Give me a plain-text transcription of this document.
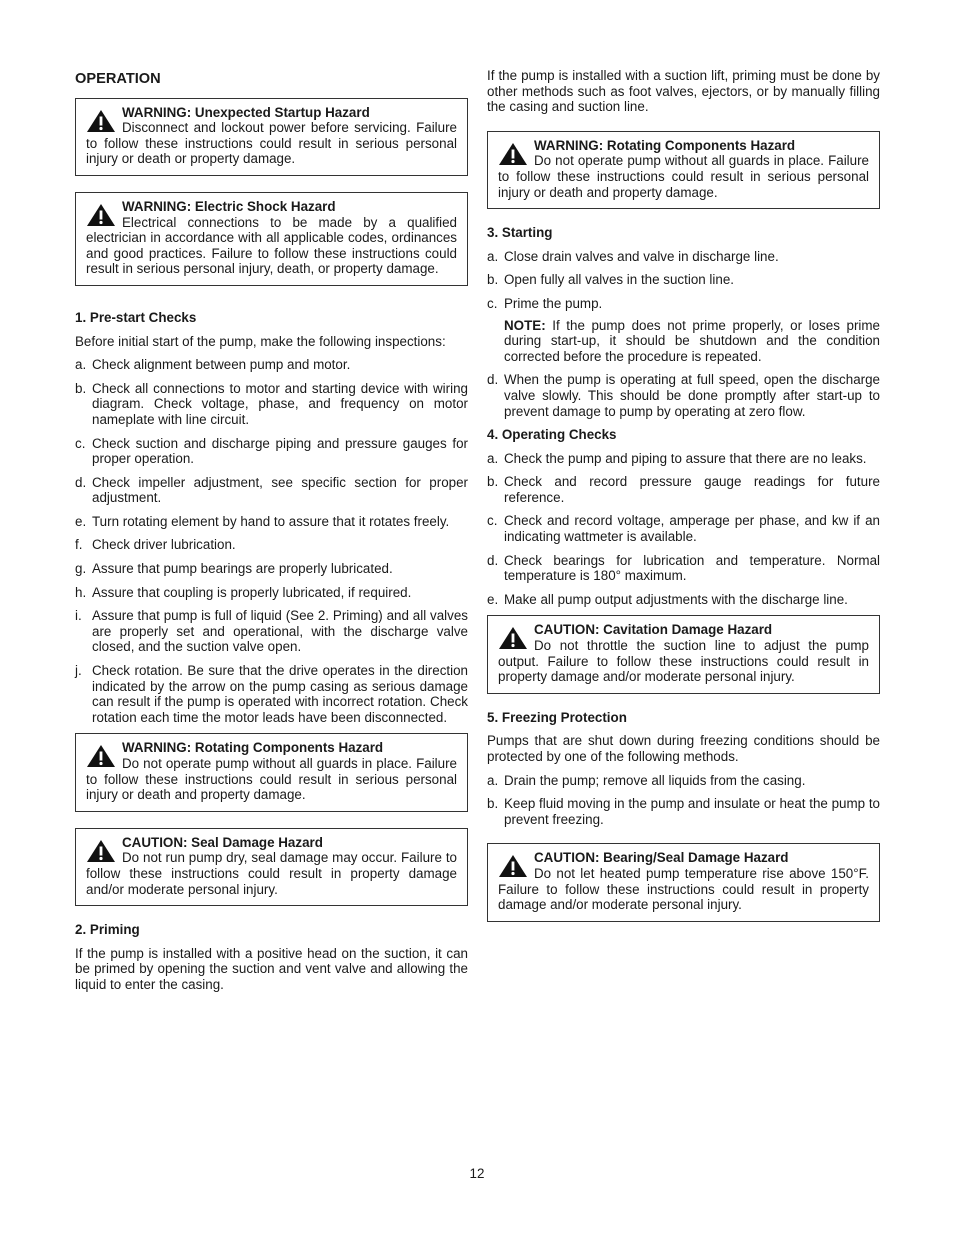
OPERATION
WARNING: Unexpected Startup Hazard
Disconnect and lockout power before servicing. Failure to follow these instructions could result in serious personal injury or death or property damage.
WARNING: Electric Shock Hazard
Electrical connections to be made by a qualified electrician in accordance with all applicable codes, ordinances and good practices. Failure to follow these instructions could result in serious personal injury, death, or property damage.
1. Pre-start Checks

Before initial start of the pump, make the following inspections:

a. Check alignment between pump and motor.
b. Check all connections to motor and starting device with wiring diagram. Check voltage, phase, and frequency on motor nameplate with line circuit.
c. Check suction and discharge piping and pressure gauges for proper operation.
d. Check impeller adjustment, see specific section for proper adjustment.
e. Turn rotating element by hand to assure that it rotates freely.
f. Check driver lubrication.
g. Assure that pump bearings are properly lubricated.
h. Assure that coupling is properly lubricated, if required.
i. Assure that pump is full of liquid (See 2. Priming) and all valves are properly set and operational, with the discharge valve closed, and the suction valve open.
j. Check rotation. Be sure that the drive operates in the direction indicated by the arrow on the pump casing as serious damage can result if the pump is operated with incorrect rotation. Check rotation each time the motor leads have been disconnected.
WARNING: Rotating Components Hazard
Do not operate pump without all guards in place. Failure to follow these instructions could result in serious personal injury or death and property damage.
CAUTION: Seal Damage Hazard
Do not run pump dry, seal damage may occur. Failure to follow these instructions could result in property damage and/or moderate personal injury.
2. Priming

If the pump is installed with a positive head on the suction, it can be primed by opening the suction and vent valve and allowing the liquid to enter the casing.

If the pump is installed with a suction lift, priming must be done by other methods such as foot valves, ejectors, or by manually filling the casing and suction line.

WARNING: Rotating Components Hazard
Do not operate pump without all guards in place. Failure to follow these instructions could result in serious personal injury or death and property damage.
3. Starting
a. Close drain valves and valve in discharge line.
b. Open fully all valves in the suction line.
c. Prime the pump.
NOTE: If the pump does not prime properly, or loses prime during start-up, it should be shutdown and the condition corrected before the procedure is repeated.
d. When the pump is operating at full speed, open the discharge valve slowly. This should be done promptly after start-up to prevent damage to pump by operating at zero flow.
4. Operating Checks
a. Check the pump and piping to assure that there are no leaks.
b. Check and record pressure gauge readings for future reference.
c. Check and record voltage, amperage per phase, and kw if an indicating wattmeter is available.
d. Check bearings for lubrication and temperature. Normal temperature is 180° maximum.
e. Make all pump output adjustments with the discharge line.
CAUTION: Cavitation Damage Hazard
Do not throttle the suction line to adjust the pump output. Failure to follow these instructions could result in property damage and/or moderate personal injury.
5. Freezing Protection

Pumps that are shut down during freezing conditions should be protected by one of the following methods.

a. Drain the pump; remove all liquids from the casing.
b. Keep fluid moving in the pump and insulate or heat the pump to prevent freezing.
CAUTION: Bearing/Seal Damage Hazard
Do not let heated pump temperature rise above 150°F. Failure to follow these instructions could result in property damage and/or moderate personal injury.
12
